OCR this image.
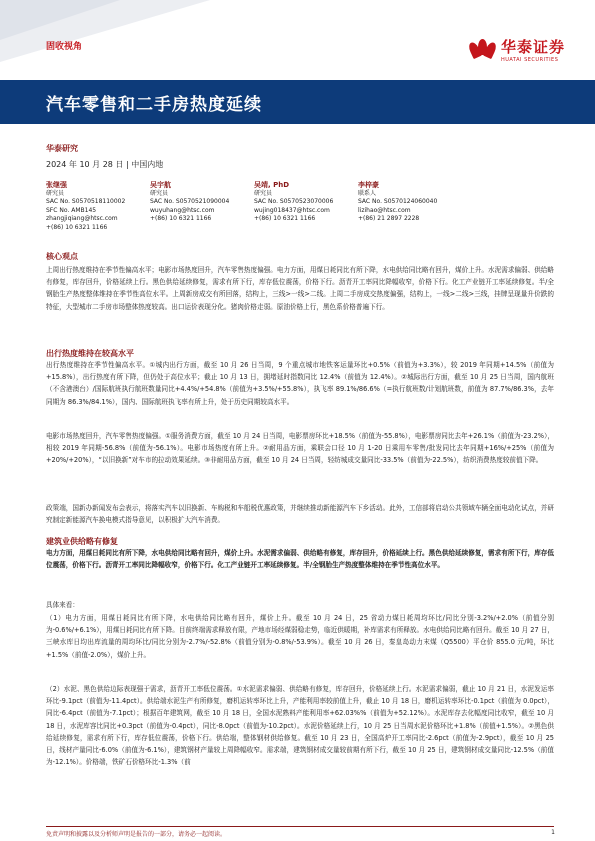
固收视角	华泰证券
HUATAI SECURITIES
汽车零售和二手房热度延续
华泰研究
2024 年 10 月 28 日 | 中国内地
张继强
研究员
SAC No. S0570518110002
SFC No. AMB145
zhangjiqiang@htsc.com
+(86) 10 6321 1166
吴宇航
研究员
SAC No. S0570521090004
wuyuhang@htsc.com
+(86) 10 6321 1166
吴靖, PhD
研究员
SAC No. S0570523070006
wujing018437@htsc.com
+(86) 10 6321 1166
李梓豪
联系人
SAC No. S0570124060040
lizihao@htsc.com
+(86) 21 2897 2228
核心观点
上周出行热度维持在季节性偏高水平；电影市场热度回升，汽车零售热度偏强。电力方面，用煤日耗同比有所下降，水电供给同比略有回升，煤价上升。水泥需求偏弱、供给略有修复，库存回升，价格延续上行。黑色供给延续修复，需求有所下行，库存低位震荡，价格下行。沥青开工率同比降幅收窄，价格下行。化工产业链开工率延续修复。半/全钢胎生产热度整体维持在季节性高位水平。上周新房成交有所回落，结构上，三线>一线>二线。上周二手房成交热度偏强，结构上，一线>二线>三线，挂牌呈现量升价跌的特征，大型城市二手房市场整体热度较高。出口运价表现分化。猪肉价格走弱。原油价格上行，黑色系价格普遍下行。
出行热度维持在较高水平
出行热度维持在季节性偏高水平。①城内出行方面，截至 10 月 26 日当周，9 个重点城市地铁客运量环比+0.5%（前值为+3.3%），较 2019 年同期+14.5%（前值为+15.8%），出行热度有所下降，但仍处于高位水平；截止 10 月 13 日，拥堵延时指数同比 12.4%（前值为 12.4%）。②城际出行方面，截至 10 月 25 日当周，国内航班（不含港澳台）/国际航班执行航班数量同比+4.4%/+54.8%（前值为+3.5%/+55.8%），执飞率 89.1%/86.6%（=执行航班数/计划航班数，前值为 87.7%/86.3%，去年同期为 86.3%/84.1%），国内、国际航班执飞率有所上升，处于历史同期较高水平。
电影市场热度回升，汽车零售热度偏强。①服务消费方面，截至 10 月 24 日当周，电影票房环比+18.5%（前值为-55.8%），电影票房同比去年+26.1%（前值为-23.2%），相较 2019 年同期-56.8%（前值为-56.1%）。电影市场热度有所上升。②耐用品方面，乘联会口径 10 月 1-20 日乘用车零售/批发同比去年同期+16%/+25%（前值为+20%/+20%），“以旧换新”对车市的拉动效果延续。③非耐用品方面，截至 10 月 24 日当周，轻纺城成交量同比-33.5%（前值为-22.5%），纺织消费热度较前值下降。
政策端，国新办新闻发布会表示，将落实汽车以旧换新、车购税和车船税优惠政策，并继续推动新能源汽车下乡活动。此外，工信部将启动公共领域车辆全面电动化试点，并研究制定新能源汽车换电模式指导意见，以积极扩大汽车消费。
建筑业供给略有修复
电力方面，用煤日耗同比有所下降，水电供给同比略有回升，煤价上升。水泥需求偏弱、供给略有修复，库存回升，价格延续上行。黑色供给延续修复，需求有所下行，库存低位震荡，价格下行。沥青开工率同比降幅收窄，价格下行。化工产业链开工率延续修复。半/全钢胎生产热度整体维持在季节性高位水平。
具体来看：
（1）电力方面，用煤日耗同比有所下降，水电供给同比略有回升，煤价上升。截至 10 月 24 日，25 省动力煤日耗周均环比/同比分别-3.2%/+2.0%（前值分别为-0.6%/+6.1%），用煤日耗同比有所下降。目前终端需求释放有限，产地市场经煤弱稳走势，临近供暖期，补库需求有所释放。水电供给同比略有回升。截至 10 月 27 日，三峡水库日均出库流量的周均环比/同比分别为-2.7%/-52.8%（前值分别为-0.8%/-53.9%）。截至 10 月 26 日，秦皇岛动力末煤（Q5500）平仓价 855.0 元/吨，环比+1.5%（前值-2.0%），煤价上升。
（2）水泥、黑色供给边际表现强于需求，沥青开工率低位震荡。①水泥需求偏弱、供给略有修复，库存回升，价格延续上行。水泥需求偏弱，截止 10 月 21 日，水泥发运率环比-9.1pct（前值为-11.4pct）。供给端水泥生产有所修复，磨机运转率环比上升，产能利用率较前值上升，截止 10 月 18 日，磨机运转率环比-0.1pct（前值为 0.0pct），同比-6.4pct（前值为-7.1pct）；根据百年建筑网，截至 10 月 18 日，全国水泥熟料产能利用率+62.03%%（前值为+52.12%）。水泥库存去化幅度同比收窄，截至 10 月 18 日，水泥库容比同比+0.3pct（前值为-0.4pct），同比-8.0pct（前值为-10.2pct）。水泥价格延续上行，10 月 25 日当周水泥价格环比+1.8%（前值+1.5%）。②黑色供给延续修复，需求有所下行，库存低位震荡，价格下行。供给端，整体钢材供给修复。截至 10 月 23 日，全国高炉开工率同比-2.6pct（前值为-2.9pct），截至 10 月 25 日，线材产量同比-6.0%（前值为-6.1%），建筑钢材产量较上周降幅收窄。需求端，建筑钢材成交量较前期有所下行，截至 10 月 25 日，建筑钢材成交量同比-12.5%（前值为-12.1%）。价格端，铁矿石价格环比-1.3%（前
免责声明和披露以及分析师声明是报告的一部分，请务必一起阅读。	1
